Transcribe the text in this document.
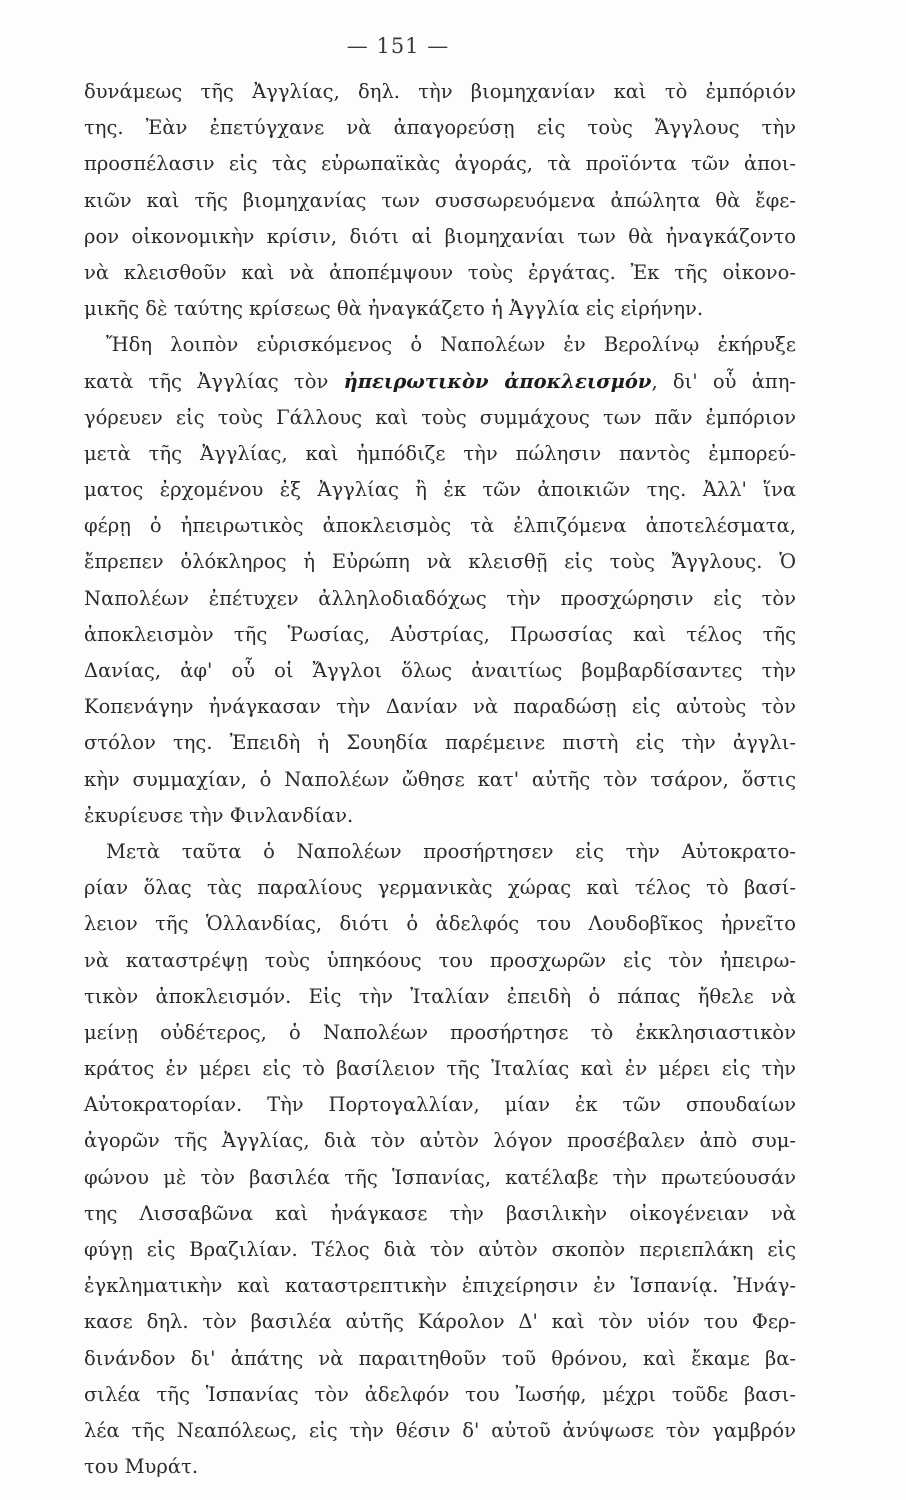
— 151 —
δυνάμεως τῆς Ἀγγλίας, δηλ. τὴν βιομηχανίαν καὶ τὸ ἐμπόριόν
της. Ἐὰν ἐπετύγχανε νὰ ἀπαγορεύσῃ εἰς τοὺς Ἄγγλους τὴν
προσπέλασιν εἰς τὰς εὐρωπαϊκὰς ἀγοράς, τὰ προϊόντα τῶν ἀποι-
κιῶν καὶ τῆς βιομηχανίας των συσσωρευόμενα ἀπώλητα θὰ ἔφε-
ρον οἰκονομικὴν κρίσιν, διότι αἱ βιομηχανίαι των θὰ ἠναγκάζοντο
νὰ κλεισθοῦν καὶ νὰ ἀποπέμψουν τοὺς ἐργάτας. Ἐκ τῆς οἰκονο-
μικῆς δὲ ταύτης κρίσεως θὰ ἠναγκάζετο ἡ Ἀγγλία εἰς εἰρήνην.
Ἤδη λοιπὸν εὑρισκόμενος ὁ Ναπολέων ἐν Βερολίνῳ ἐκήρυξε
κατὰ τῆς Ἀγγλίας τὸν ἠπειρωτικὸν ἀποκλεισμόν, δι' οὗ ἀπη-
γόρευεν εἰς τοὺς Γάλλους καὶ τοὺς συμμάχους των πᾶν ἐμπόριον
μετὰ τῆς Ἀγγλίας, καὶ ἠμπόδιζε τὴν πώλησιν παντὸς ἐμπορεύ-
ματος ἐρχομένου ἐξ Ἀγγλίας ἢ ἐκ τῶν ἀποικιῶν της. Ἀλλ' ἵνα
φέρῃ ὁ ἠπειρωτικὸς ἀποκλεισμὸς τὰ ἐλπιζόμενα ἀποτελέσματα,
ἔπρεπεν ὁλόκληρος ἡ Εὐρώπη νὰ κλεισθῇ εἰς τοὺς Ἄγγλους. Ὁ
Ναπολέων ἐπέτυχεν ἀλληλοδιαδόχως τὴν προσχώρησιν εἰς τὸν
ἀποκλεισμὸν τῆς Ῥωσίας, Αὐστρίας, Πρωσσίας καὶ τέλος τῆς
Δανίας, ἀφ' οὗ οἱ Ἄγγλοι ὅλως ἀναιτίως βομβαρδίσαντες τὴν
Κοπενάγην ἠνάγκασαν τὴν Δανίαν νὰ παραδώσῃ εἰς αὐτοὺς τὸν
στόλον της. Ἐπειδὴ ἡ Σουηδία παρέμεινε πιστὴ εἰς τὴν ἀγγλι-
κὴν συμμαχίαν, ὁ Ναπολέων ὤθησε κατ' αὐτῆς τὸν τσάρον, ὅστις
ἐκυρίευσε τὴν Φινλανδίαν.
Μετὰ ταῦτα ὁ Ναπολέων προσήρτησεν εἰς τὴν Αὐτοκρατο-
ρίαν ὅλας τὰς παραλίους γερμανικὰς χώρας καὶ τέλος τὸ βασί-
λειον τῆς Ὁλλανδίας, διότι ὁ ἀδελφός του Λουδοβῖκος ἠρνεῖτο
νὰ καταστρέψῃ τοὺς ὑπηκόους του προσχωρῶν εἰς τὸν ἠπειρω-
τικὸν ἀποκλεισμόν. Εἰς τὴν Ἰταλίαν ἐπειδὴ ὁ πάπας ἤθελε νὰ
μείνῃ οὐδέτερος, ὁ Ναπολέων προσήρτησε τὸ ἐκκλησιαστικὸν
κράτος ἐν μέρει εἰς τὸ βασίλειον τῆς Ἰταλίας καὶ ἐν μέρει εἰς τὴν
Αὐτοκρατορίαν. Τὴν Πορτογαλλίαν, μίαν ἐκ τῶν σπουδαίων
ἀγορῶν τῆς Ἀγγλίας, διὰ τὸν αὐτὸν λόγον προσέβαλεν ἀπὸ συμ-
φώνου μὲ τὸν βασιλέα τῆς Ἱσπανίας, κατέλαβε τὴν πρωτεύουσάν
της Λισσαβῶνα καὶ ἠνάγκασε τὴν βασιλικὴν οἰκογένειαν νὰ
φύγῃ εἰς Βραζιλίαν. Τέλος διὰ τὸν αὐτὸν σκοπὸν περιεπλάκη εἰς
ἐγκληματικὴν καὶ καταστρεπτικὴν ἐπιχείρησιν ἐν Ἱσπανίᾳ. Ἠνάγ-
κασε δηλ. τὸν βασιλέα αὐτῆς Κάρολον Δ' καὶ τὸν υἱόν του Φερ-
δινάνδον δι' ἀπάτης νὰ παραιτηθοῦν τοῦ θρόνου, καὶ ἔκαμε βα-
σιλέα τῆς Ἱσπανίας τὸν ἀδελφόν του Ἰωσήφ, μέχρι τοῦδε βασι-
λέα τῆς Νεαπόλεως, εἰς τὴν θέσιν δ' αὐτοῦ ἀνύψωσε τὸν γαμβρόν
του Μυράτ.
